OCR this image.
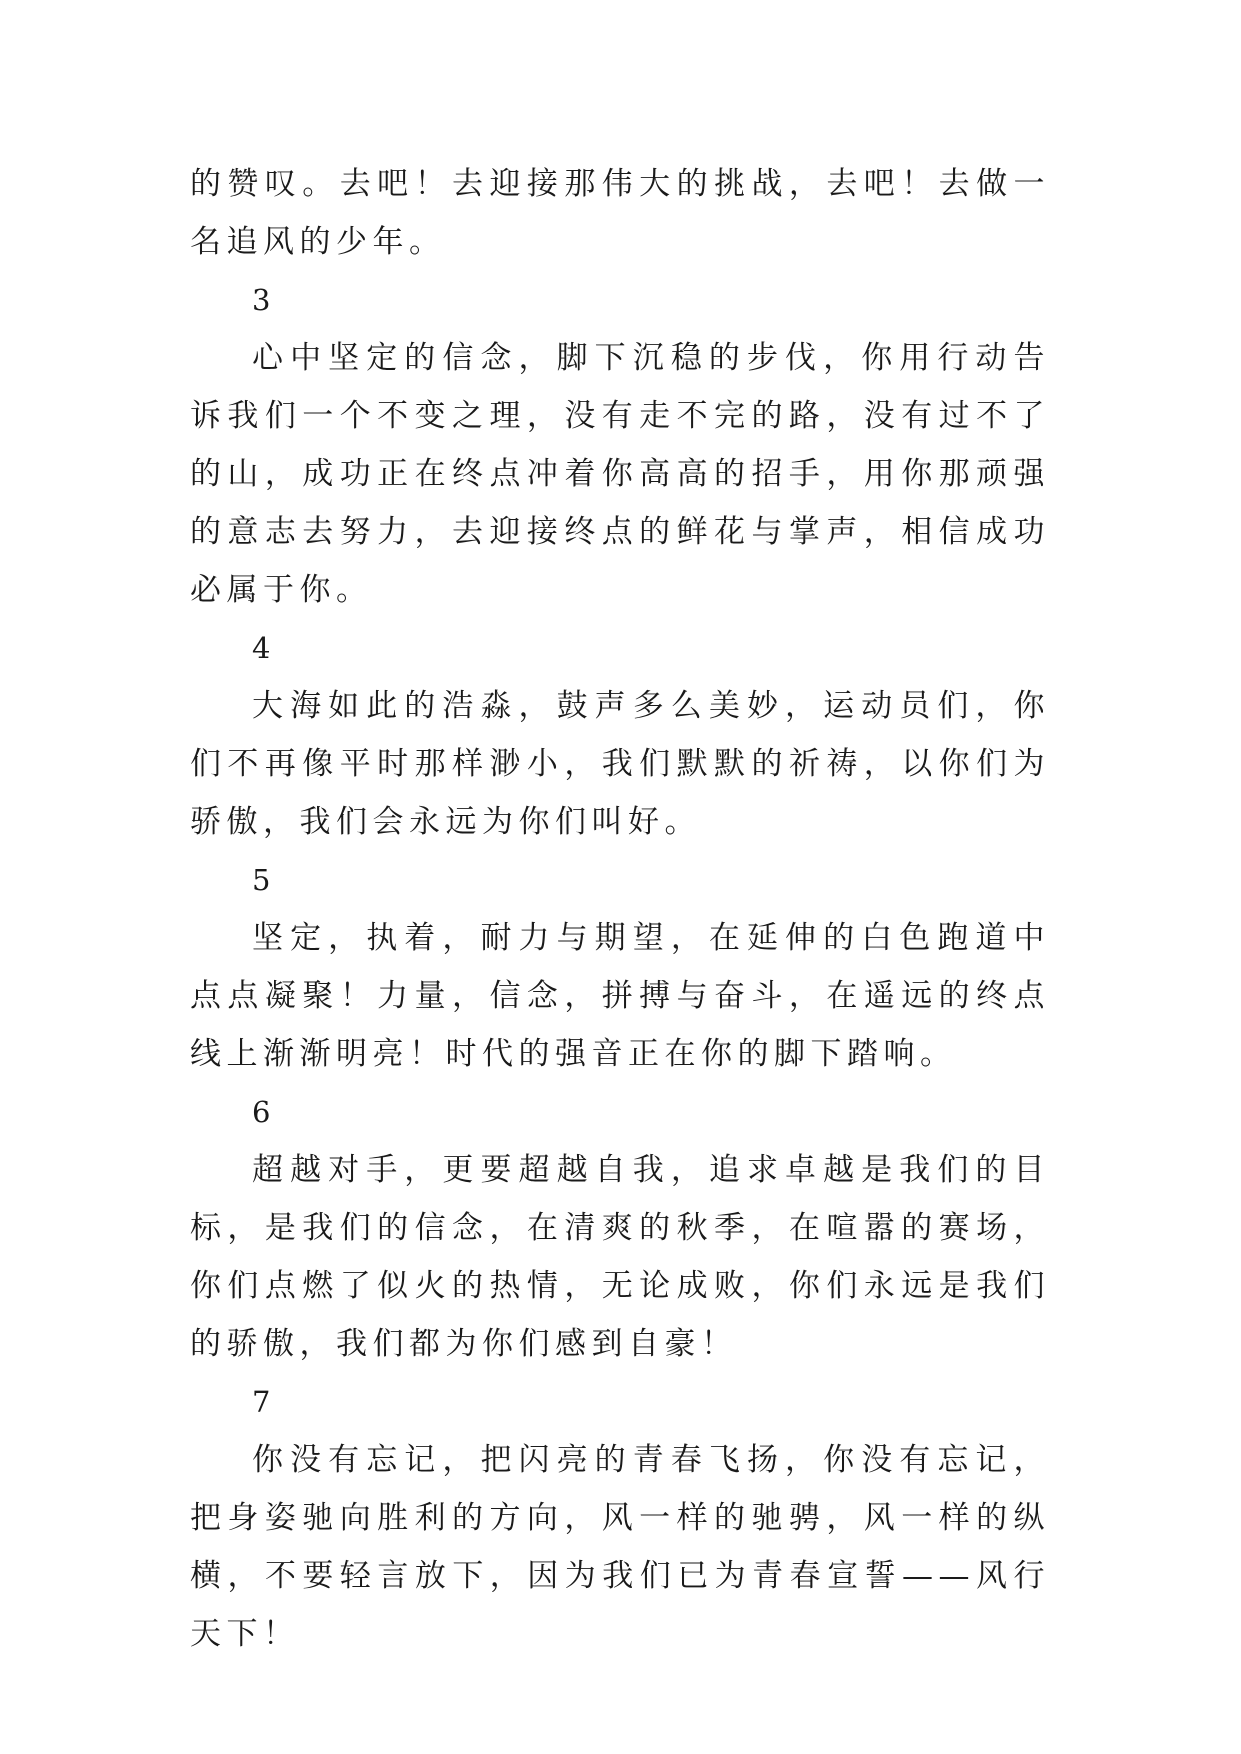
的赞叹。去吧！去迎接那伟大的挑战，去吧！去做一名追风的少年。

3

心中坚定的信念，脚下沉稳的步伐，你用行动告诉我们一个不变之理，没有走不完的路，没有过不了的山，成功正在终点冲着你高高的招手，用你那顽强的意志去努力，去迎接终点的鲜花与掌声，相信成功必属于你。

4

大海如此的浩淼，鼓声多么美妙，运动员们，你们不再像平时那样渺小，我们默默的祈祷，以你们为骄傲，我们会永远为你们叫好。

5

坚定，执着，耐力与期望，在延伸的白色跑道中点点凝聚！力量，信念，拼搏与奋斗，在遥远的终点线上渐渐明亮！时代的强音正在你的脚下踏响。

6

超越对手，更要超越自我，追求卓越是我们的目标，是我们的信念，在清爽的秋季，在喧嚣的赛场，你们点燃了似火的热情，无论成败，你们永远是我们的骄傲，我们都为你们感到自豪！

7

你没有忘记，把闪亮的青春飞扬，你没有忘记，把身姿驰向胜利的方向，风一样的驰骋，风一样的纵横，不要轻言放下，因为我们已为青春宣誓——风行天下！
